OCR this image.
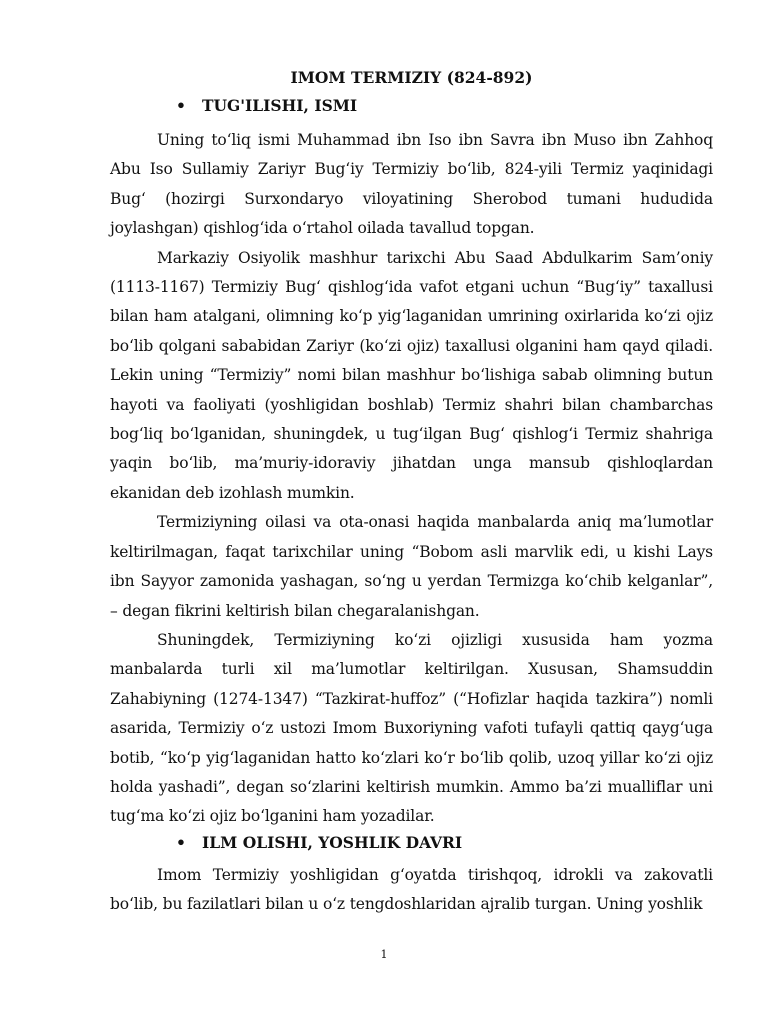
IMOM TERMIZIY (824-892)
• TUG'ILISHI, ISMI

Uning to‘liq ismi Muhammad ibn Iso ibn Savra ibn Muso ibn Zahhoq Abu Iso Sullamiy Zariyr Bug‘iy Termiziy bo‘lib, 824-yili Termiz yaqinidagi Bug‘ (hozirgi Surxondaryo viloyatining Sherobod tumani hududida joylashgan) qishlog‘ida o‘rtahol oilada tavallud topgan.

Markaziy Osiyolik mashhur tarixchi Abu Saad Abdulkarim Sam’oniy (1113-1167) Termiziy Bug‘ qishlog‘ida vafot etgani uchun “Bug‘iy” taxallusi bilan ham atalgani, olimning ko‘p yig‘laganidan umrining oxirlarida ko‘zi ojiz bo‘lib qolgani sababidan Zariyr (ko‘zi ojiz) taxallusi olganini ham qayd qiladi. Lekin uning “Termiziy” nomi bilan mashhur bo‘lishiga sabab olimning butun hayoti va faoliyati (yoshligidan boshlab) Termiz shahri bilan chambarchas bog‘liq bo‘lganidan, shuningdek, u tug‘ilgan Bug‘ qishlog‘i Termiz shahriga yaqin bo‘lib, ma’muriy-idoraviy jihatdan unga mansub qishloqlardan ekanidan deb izohlash mumkin.

Termiziyning oilasi va ota-onasi haqida manbalarda aniq ma’lumotlar keltirilmagan, faqat tarixchilar uning “Bobom asli marvlik edi, u kishi Lays ibn Sayyor zamonida yashagan, so‘ng u yerdan Termizga ko‘chib kelganlar”, – degan fikrini keltirish bilan chegaralanishgan.

Shuningdek, Termiziyning ko‘zi ojizligi xususida ham yozma manbalarda turli xil ma’lumotlar keltirilgan. Xususan, Shamsuddin Zahabiyning (1274-1347) “Tazkirat-huffoz” (“Hofizlar haqida tazkira”) nomli asarida, Termiziy o‘z ustozi Imom Buxoriyning vafoti tufayli qattiq qayg‘uga botib, “ko‘p yig‘laganidan hatto ko‘zlari ko‘r bo‘lib qolib, uzoq yillar ko‘zi ojiz holda yashadi”, degan so‘zlarini keltirish mumkin. Ammo ba’zi mualliflar uni tug‘ma ko‘zi ojiz bo‘lganini ham yozadilar.

• ILM OLISHI, YOSHLIK DAVRI

Imom Termiziy yoshligidan g‘oyatda tirishqoq, idrokli va zakovatli bo‘lib, bu fazilatlari bilan u o‘z tengdoshlaridan ajralib turgan. Uning yoshlik

1
